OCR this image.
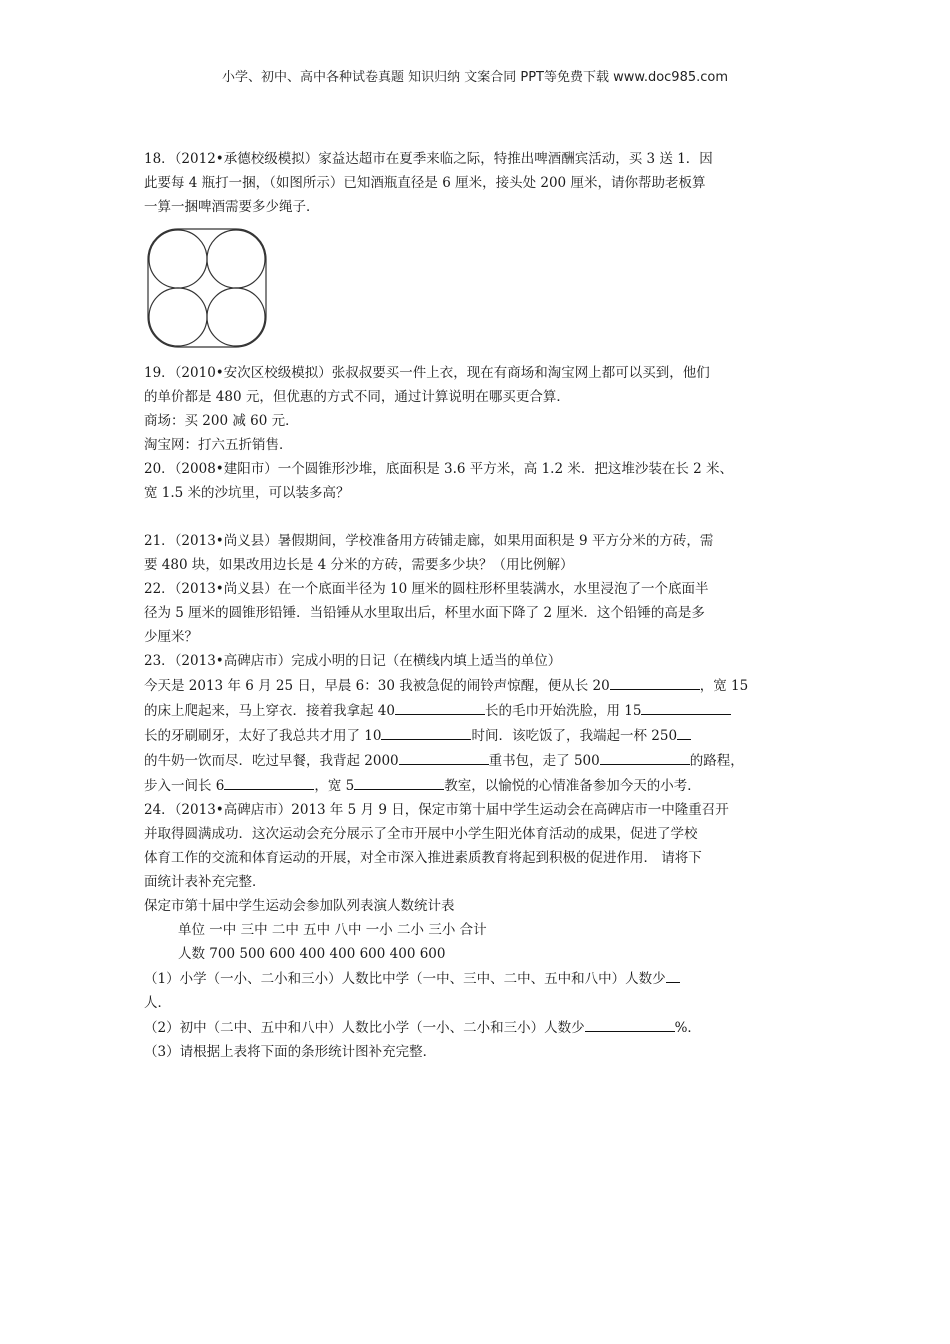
小学、初中、高中各种试卷真题 知识归纳 文案合同 PPT等免费下载 www.doc985.com
18．（2012•承德校级模拟）家益达超市在夏季来临之际，特推出啤酒酬宾活动，买 3 送 1．因
此要每 4 瓶打一捆，（如图所示）已知酒瓶直径是 6 厘米，接头处 200 厘米，请你帮助老板算
一算一捆啤酒需要多少绳子．
19．（2010•安次区校级模拟）张叔叔要买一件上衣，现在有商场和淘宝网上都可以买到，他们
的单价都是 480 元，但优惠的方式不同，通过计算说明在哪买更合算．
商场：买 200 减 60 元．
淘宝网：打六五折销售．
20．（2008•建阳市）一个圆锥形沙堆，底面积是 3.6 平方米，高 1.2 米．把这堆沙装在长 2 米、
宽 1.5 米的沙坑里，可以装多高？
21．（2013•尚义县）暑假期间，学校准备用方砖铺走廊，如果用面积是 9 平方分米的方砖，需
要 480 块，如果改用边长是 4 分米的方砖，需要多少块？（用比例解）
22．（2013•尚义县）在一个底面半径为 10 厘米的圆柱形杯里装满水，水里浸泡了一个底面半
径为 5 厘米的圆锥形铅锤．当铅锤从水里取出后，杯里水面下降了 2 厘米．这个铅锤的高是多
少厘米？
23．（2013•高碑店市）完成小明的日记（在横线内填上适当的单位）
今天是 2013 年 6 月 25 日，早晨 6：30 我被急促的闹铃声惊醒，便从长 20	，宽 15
的床上爬起来，马上穿衣．接着我拿起 40	长的毛巾开始洗脸，用 15
长的牙刷刷牙，太好了我总共才用了 10	时间．该吃饭了，我端起一杯 250
的牛奶一饮而尽．吃过早餐，我背起 2000	重书包，走了 500	的路程，
步入一间长 6	，宽 5	教室，以愉悦的心情准备参加今天的小考．
24．（2013•高碑店市）2013 年 5 月 9 日，保定市第十届中学生运动会在高碑店市一中隆重召开
并取得圆满成功．这次运动会充分展示了全市开展中小学生阳光体育活动的成果，促进了学校
体育工作的交流和体育运动的开展，对全市深入推进素质教育将起到积极的促进作用． 请将下
面统计表补充完整．
保定市第十届中学生运动会参加队列表演人数统计表
单位 一中 三中 二中 五中 八中 一小 二小 三小 合计
人数 700 500 600 400 400 600 400 600
（1）小学（一小、二小和三小）人数比中学（一中、三中、二中、五中和八中）人数少
人．
（2）初中（二中、五中和八中）人数比小学（一小、二小和三小）人数少	%．
（3）请根据上表将下面的条形统计图补充完整．
